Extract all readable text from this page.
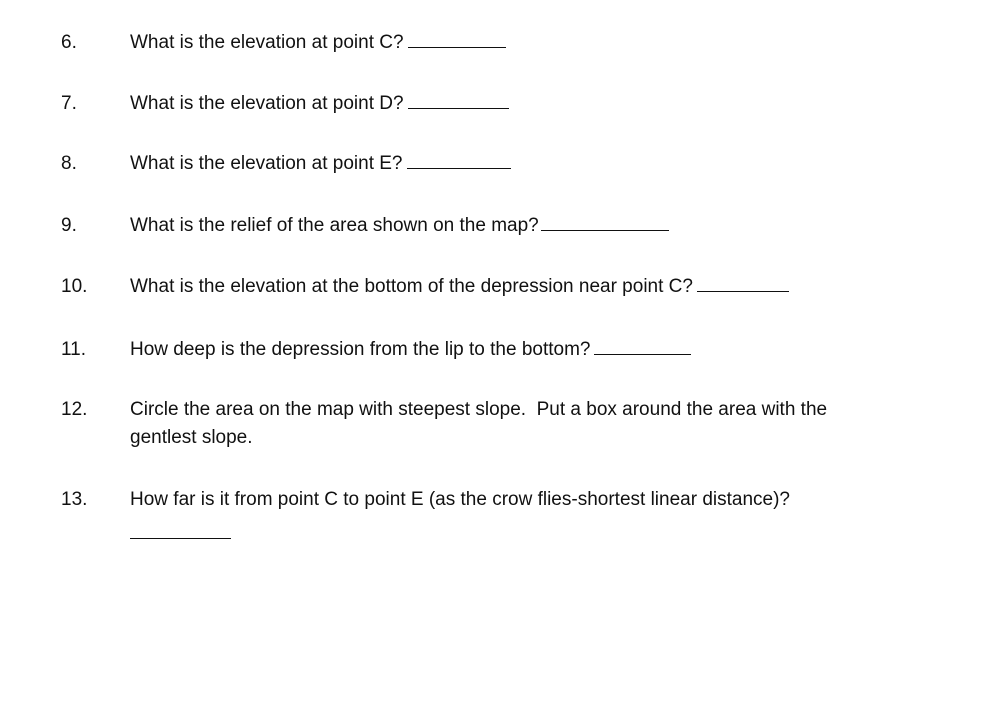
6.	What is the elevation at point C?
7.	What is the elevation at point D?
8.	What is the elevation at point E?
9.	What is the relief of the area shown on the map?
10.	What is the elevation at the bottom of the depression near point C?
11.	How deep is the depression from the lip to the bottom?
12.	Circle the area on the map with steepest slope.  Put a box around the area with the gentlest slope.
13.	How far is it from point C to point E (as the crow flies-shortest linear distance)?
